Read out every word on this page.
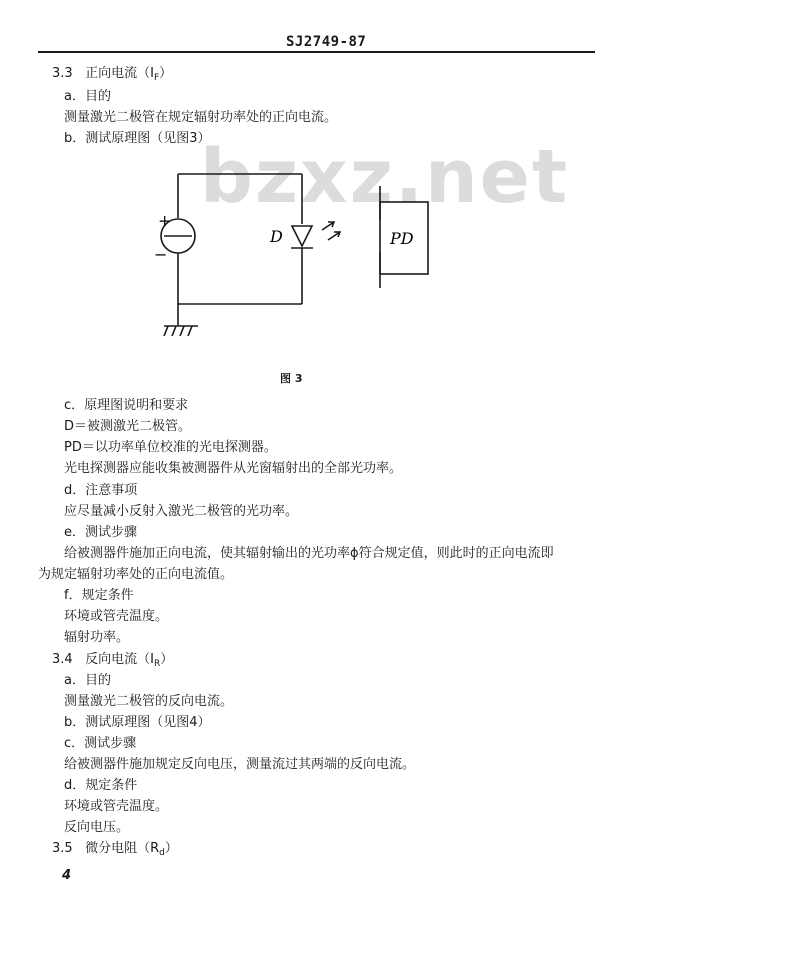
SJ2749-87
bzxz.net
3.3 正向电流$(I_F)$
a．目的
测量激光二极管在规定辐射功率处的正向电流。
b．测试原理图（见图3）
+
−
D	PD
图 3
c．原理图说明和要求
D＝被测激光二极管。
PD＝以功率单位校准的光电探测器。
光电探测器应能收集被测器件从光窗辐射出的全部光功率。
d．注意事项
应尽量减小反射入激光二极管的光功率。
e．测试步骤
给被测器件施加正向电流，使其辐射输出的光功率ϕ符合规定值，则此时的正向电流即
为规定辐射功率处的正向电流值。
f．规定条件
环境或管壳温度。
辐射功率。
3.4 反向电流$(I_R)$
a．目的
测量激光二极管的反向电流。
b．测试原理图（见图4）
c．测试步骤
给被测器件施加规定反向电压，测量流过其两端的反向电流。
d．规定条件
环境或管壳温度。
反向电压。
3.5 微分电阻$(R_d)$
4
